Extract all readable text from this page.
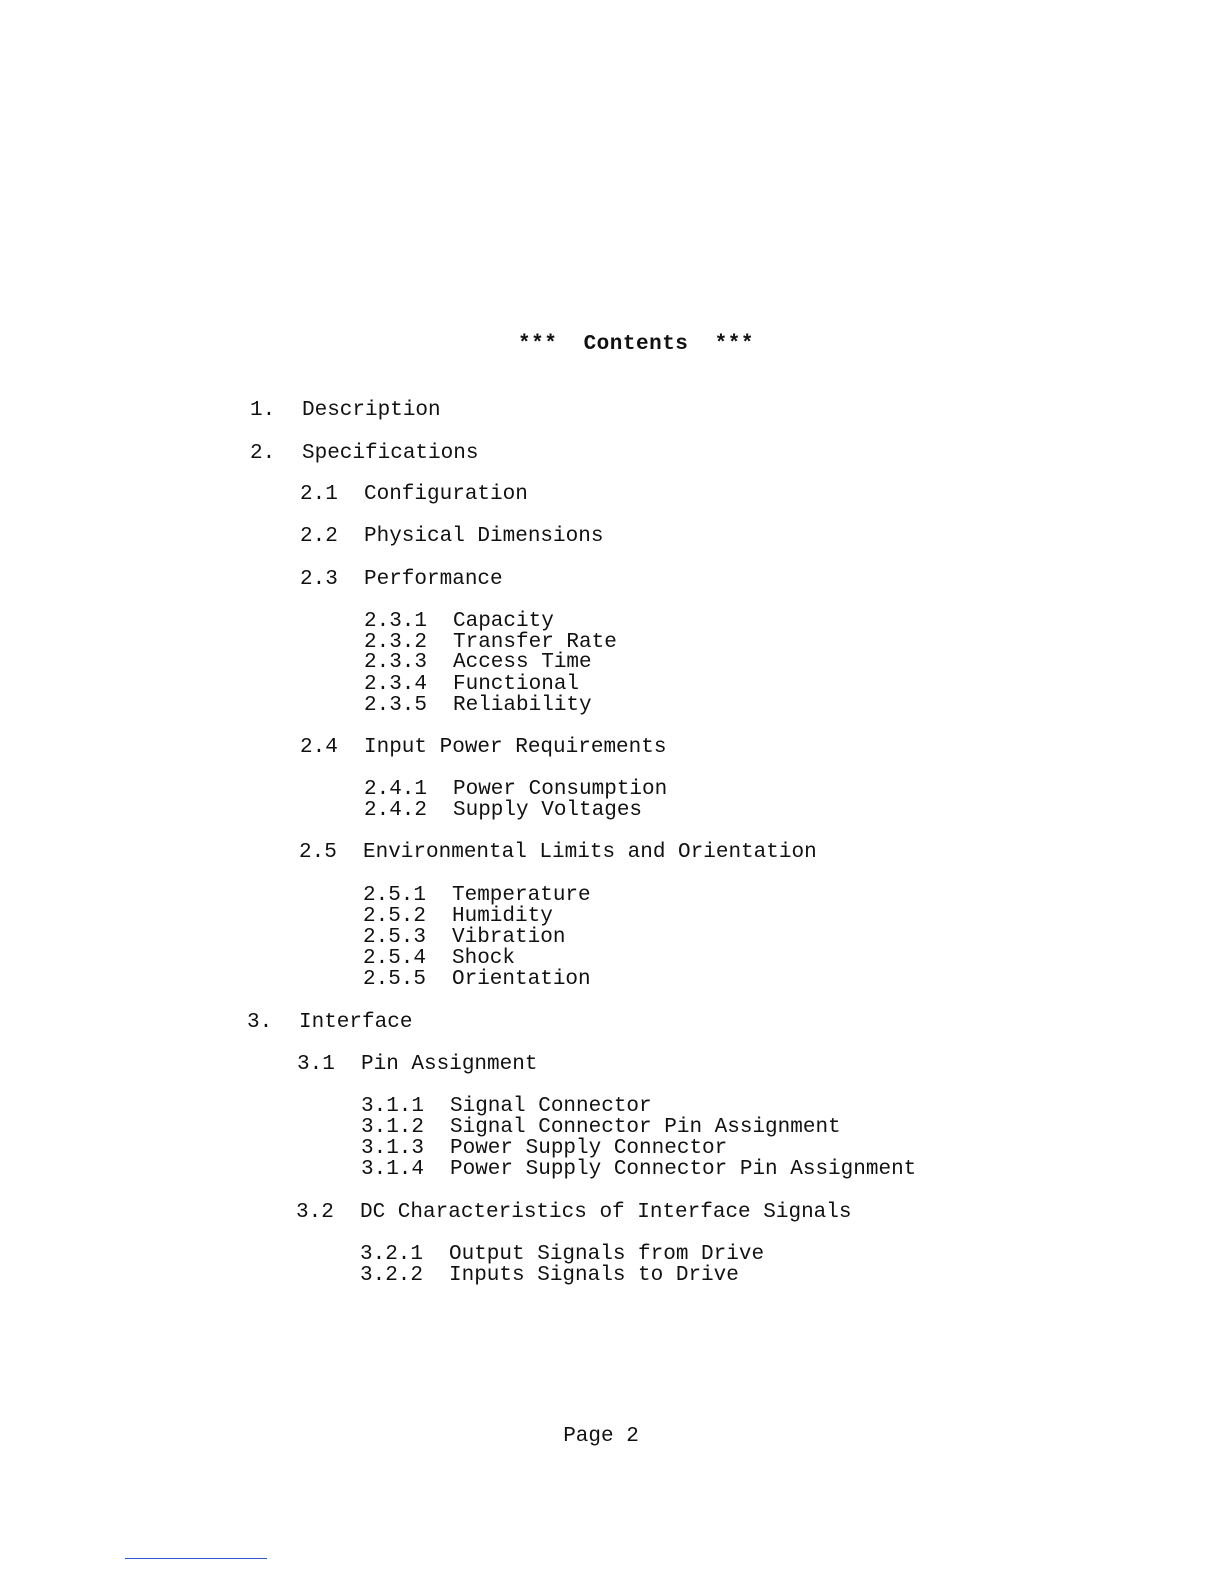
*** Contents ***
1. Description
2. Specifications
2.1 Configuration
2.2 Physical Dimensions
2.3 Performance
2.3.1 Capacity
2.3.2 Transfer Rate
2.3.3 Access Time
2.3.4 Functional
2.3.5 Reliability
2.4 Input Power Requirements
2.4.1 Power Consumption
2.4.2 Supply Voltages
2.5 Environmental Limits and Orientation
2.5.1 Temperature
2.5.2 Humidity
2.5.3 Vibration
2.5.4 Shock
2.5.5 Orientation
3. Interface
3.1 Pin Assignment
3.1.1 Signal Connector
3.1.2 Signal Connector Pin Assignment
3.1.3 Power Supply Connector
3.1.4 Power Supply Connector Pin Assignment
3.2 DC Characteristics of Interface Signals
3.2.1 Output Signals from Drive
3.2.2 Inputs Signals to Drive
Page 2
